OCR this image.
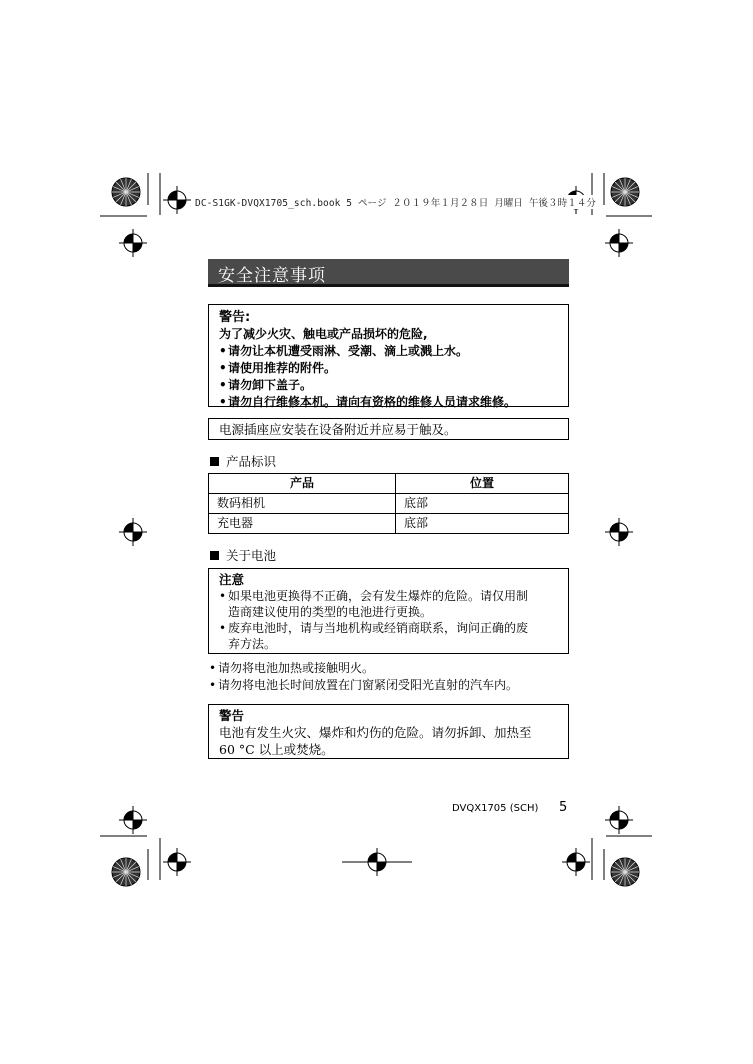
DC-S1GK-DVQX1705_sch.book 5 ページ ２０１９年１月２８日 月曜日 午後３時１４分
安全注意事项
警告:
为了减少火灾、触电或产品损坏的危险,
• 请勿让本机遭受雨淋、受潮、滴上或溅上水。
• 请使用推荐的附件。
• 请勿卸下盖子。
• 请勿自行维修本机。请向有资格的维修人员请求维修。
电源插座应安装在设备附近并应易于触及。
产品标识
产品	位置
数码相机	底部
充电器	底部
关于电池
注意
• 如果电池更换得不正确，会有发生爆炸的危险。请仅用制
造商建议使用的类型的电池进行更换。
• 废弃电池时，请与当地机构或经销商联系，询问正确的废
弃方法。
• 请勿将电池加热或接触明火。
• 请勿将电池长时间放置在门窗紧闭受阳光直射的汽车内。
警告
电池有发生火灾、爆炸和灼伤的危险。请勿拆卸、加热至
60 °C 以上或焚烧。
DVQX1705 (SCH) 5
